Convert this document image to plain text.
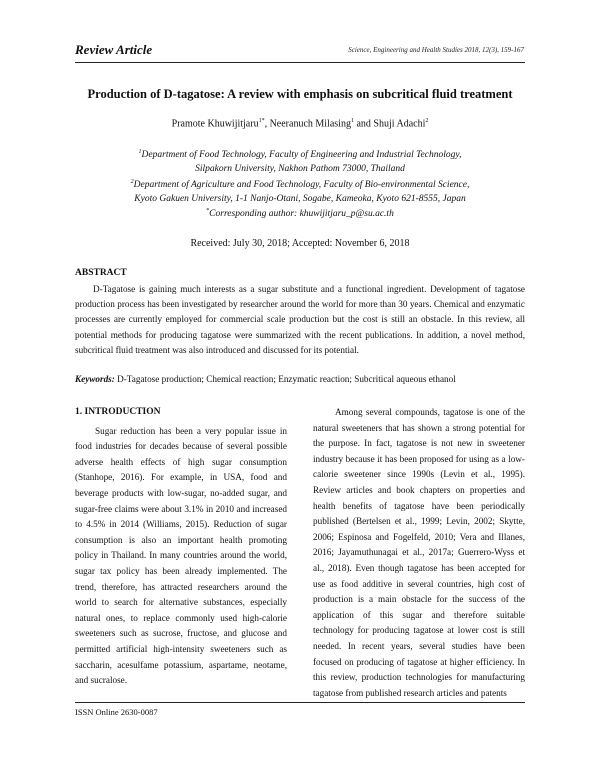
Review Article	Science, Engineering and Health Studies 2018, 12(3), 159-167
Production of D-tagatose: A review with emphasis on subcritical fluid treatment
Pramote Khuwijitjaru$^{1*}$, Neeranuch Milasing$^1$ and Shuji Adachi$^2$
$^1$Department of Food Technology, Faculty of Engineering and Industrial Technology,
Silpakorn University, Nakhon Pathom 73000, Thailand
$^2$Department of Agriculture and Food Technology, Faculty of Bio-environmental Science,
Kyoto Gakuen University, 1-1 Nanjo-Otani, Sogabe, Kameoka, Kyoto 621-8555, Japan
*Corresponding author: khuwijitjaru_p@su.ac.th
Received: July 30, 2018; Accepted: November 6, 2018
ABSTRACT

D-Tagatose is gaining much interests as a sugar substitute and a functional ingredient. Development of tagatose production process has been investigated by researcher around the world for more than 30 years. Chemical and enzymatic processes are currently employed for commercial scale production but the cost is still an obstacle. In this review, all potential methods for producing tagatose were summarized with the recent publications. In addition, a novel method, subcritical fluid treatment was also introduced and discussed for its potential.

Keywords: D-Tagatose production; Chemical reaction; Enzymatic reaction; Subcritical aqueous ethanol
1. INTRODUCTION

Sugar reduction has been a very popular issue in food industries for decades because of several possible adverse health effects of high sugar consumption (Stanhope, 2016). For example, in USA, food and beverage products with low-sugar, no-added sugar, and sugar-free claims were about 3.1% in 2010 and increased to 4.5% in 2014 (Williams, 2015). Reduction of sugar consumption is also an important health promoting policy in Thailand. In many countries around the world, sugar tax policy has been already implemented. The trend, therefore, has attracted researchers around the world to search for alternative substances, especially natural ones, to replace commonly used high-calorie sweeteners such as sucrose, fructose, and glucose and permitted artificial high-intensity sweeteners such as saccharin, acesulfame potassium, aspartame, neotame, and sucralose.

Among several compounds, tagatose is one of the natural sweeteners that has shown a strong potential for the purpose. In fact, tagatose is not new in sweetener industry because it has been proposed for using as a low-calorie sweetener since 1990s (Levin et al., 1995). Review articles and book chapters on properties and health benefits of tagatose have been periodically published (Bertelsen et al., 1999; Levin, 2002; Skytte, 2006; Espinosa and Fogelfeld, 2010; Vera and Illanes, 2016; Jayamuthunagai et al., 2017a; Guerrero-Wyss et al., 2018). Even though tagatose has been accepted for use as food additive in several countries, high cost of production is a main obstacle for the success of the application of this sugar and therefore suitable technology for producing tagatose at lower cost is still needed. In recent years, several studies have been focused on producing of tagatose at higher efficiency. In this review, production technologies for manufacturing tagatose from published research articles and patents

ISSN Online 2630-0087
